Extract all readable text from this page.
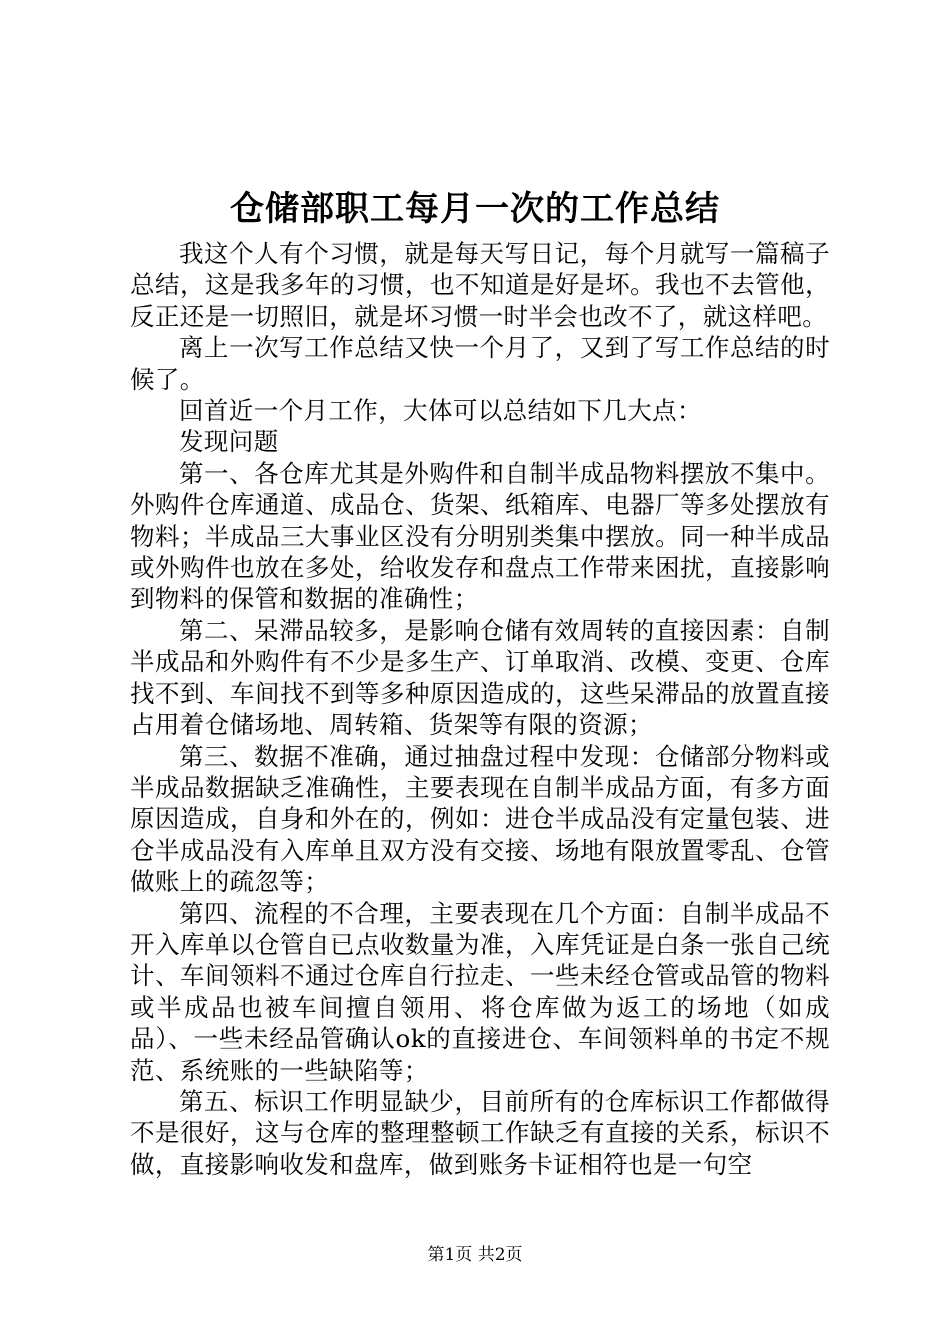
仓储部职工每月一次的工作总结

我这个人有个习惯，就是每天写日记，每个月就写一篇稿子总结，这是我多年的习惯，也不知道是好是坏。我也不去管他，反正还是一切照旧，就是坏习惯一时半会也改不了，就这样吧。

离上一次写工作总结又快一个月了，又到了写工作总结的时候了。

回首近一个月工作，大体可以总结如下几大点：

发现问题

第一、各仓库尤其是外购件和自制半成品物料摆放不集中。外购件仓库通道、成品仓、货架、纸箱库、电器厂等多处摆放有物料；半成品三大事业区没有分明别类集中摆放。同一种半成品或外购件也放在多处，给收发存和盘点工作带来困扰，直接影响到物料的保管和数据的准确性；

第二、呆滞品较多，是影响仓储有效周转的直接因素：自制半成品和外购件有不少是多生产、订单取消、改模、变更、仓库找不到、车间找不到等多种原因造成的，这些呆滞品的放置直接占用着仓储场地、周转箱、货架等有限的资源；

第三、数据不准确，通过抽盘过程中发现：仓储部分物料或半成品数据缺乏准确性，主要表现在自制半成品方面，有多方面原因造成，自身和外在的，例如：进仓半成品没有定量包装、进仓半成品没有入库单且双方没有交接、场地有限放置零乱、仓管做账上的疏忽等；

第四、流程的不合理，主要表现在几个方面：自制半成品不开入库单以仓管自已点收数量为准，入库凭证是白条一张自己统计、车间领料不通过仓库自行拉走、一些未经仓管或品管的物料或半成品也被车间擅自领用、将仓库做为返工的场地（如成品）、一些未经品管确认ok的直接进仓、车间领料单的书定不规范、系统账的一些缺陷等；

第五、标识工作明显缺少，目前所有的仓库标识工作都做得不是很好，这与仓库的整理整顿工作缺乏有直接的关系，标识不做，直接影响收发和盘库，做到账务卡证相符也是一句空

第1页 共2页
